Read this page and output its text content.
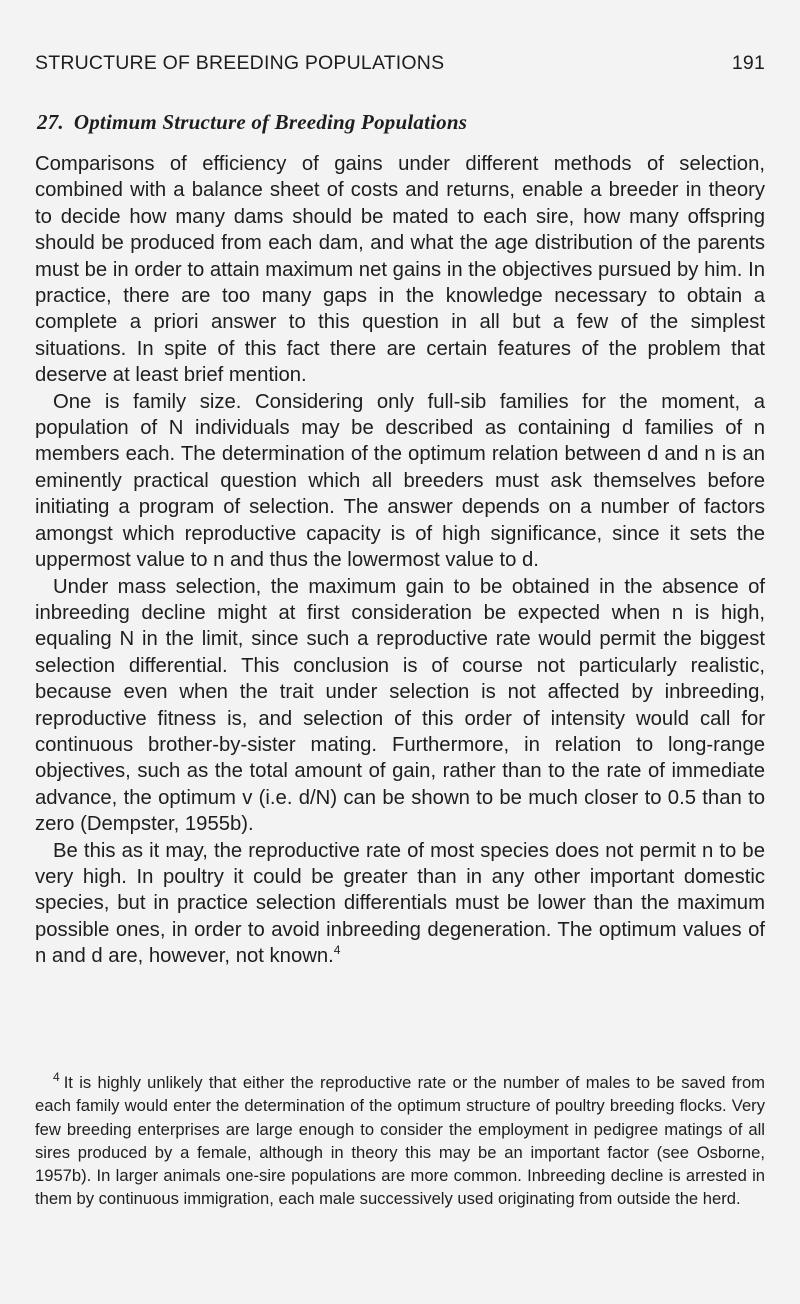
STRUCTURE OF BREEDING POPULATIONS	191
27. Optimum Structure of Breeding Populations

Comparisons of efficiency of gains under different methods of selection, combined with a balance sheet of costs and returns, enable a breeder in theory to decide how many dams should be mated to each sire, how many offspring should be produced from each dam, and what the age distribution of the parents must be in order to attain maximum net gains in the objectives pursued by him. In practice, there are too many gaps in the knowledge necessary to obtain a complete a priori answer to this question in all but a few of the simplest situations. In spite of this fact there are certain features of the problem that deserve at least brief mention.

One is family size. Considering only full-sib families for the moment, a population of N individuals may be described as containing d families of n members each. The determination of the optimum relation between d and n is an eminently practical question which all breeders must ask themselves before initiating a program of selection. The answer depends on a number of factors amongst which reproductive capacity is of high significance, since it sets the uppermost value to n and thus the lowermost value to d.

Under mass selection, the maximum gain to be obtained in the absence of inbreeding decline might at first consideration be expected when n is high, equaling N in the limit, since such a reproductive rate would permit the biggest selection differential. This conclusion is of course not particularly realistic, because even when the trait under selection is not affected by inbreeding, reproductive fitness is, and selection of this order of intensity would call for continuous brother-by-sister mating. Furthermore, in relation to long-range objectives, such as the total amount of gain, rather than to the rate of immediate advance, the optimum v (i.e. d/N) can be shown to be much closer to 0.5 than to zero (Dempster, 1955b).

Be this as it may, the reproductive rate of most species does not permit n to be very high. In poultry it could be greater than in any other important domestic species, but in practice selection differentials must be lower than the maximum possible ones, in order to avoid inbreeding degeneration. The optimum values of n and d are, however, not known.$^4$

$^4$ It is highly unlikely that either the reproductive rate or the number of males to be saved from each family would enter the determination of the optimum structure of poultry breeding flocks. Very few breeding enterprises are large enough to consider the employment in pedigree matings of all sires produced by a female, although in theory this may be an important factor (see Osborne, 1957b). In larger animals one-sire populations are more common. Inbreeding decline is arrested in them by continuous immigration, each male successively used originating from outside the herd.
